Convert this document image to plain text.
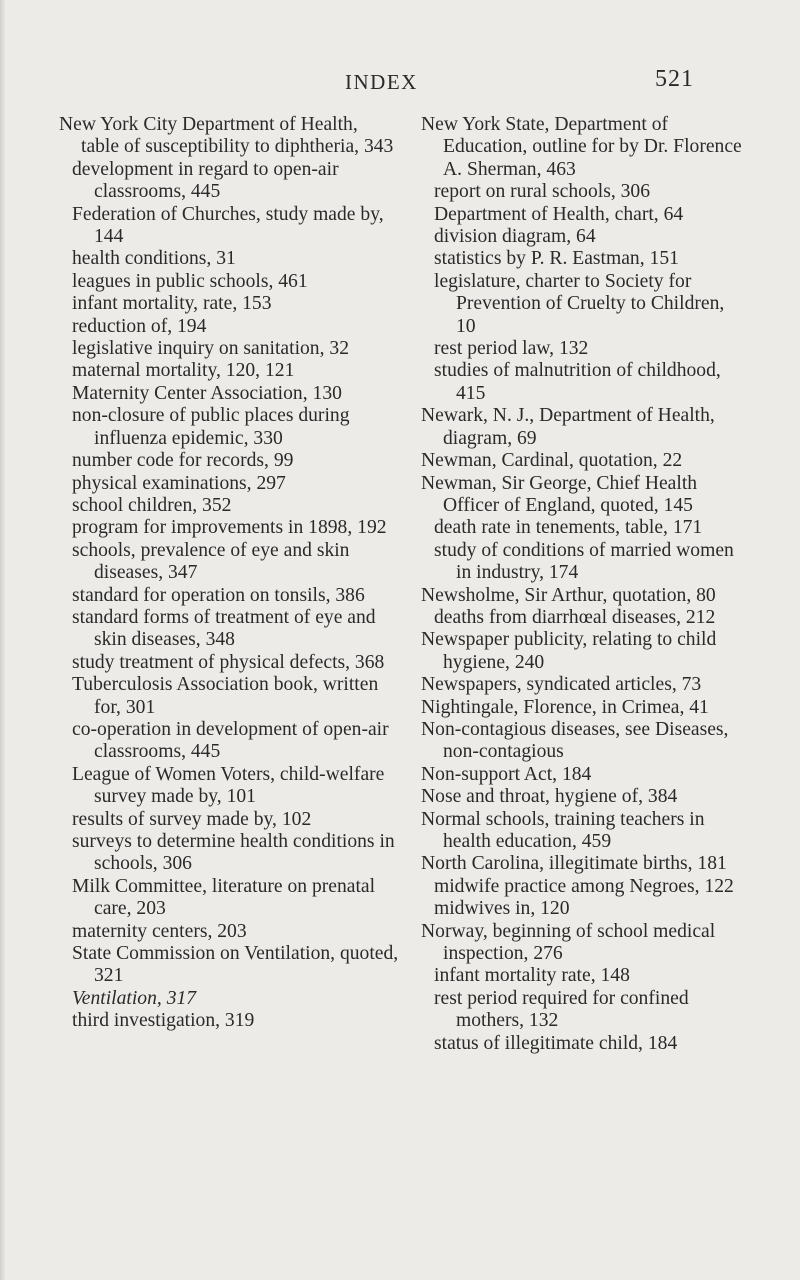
INDEX	521

New York City Department of Health, table of susceptibility to diphtheria, 343

development in regard to open-air classrooms, 445

Federation of Churches, study made by, 144

health conditions, 31

leagues in public schools, 461

infant mortality, rate, 153

reduction of, 194

legislative inquiry on sanitation, 32

maternal mortality, 120, 121

Maternity Center Association, 130

non-closure of public places during influenza epidemic, 330

number code for records, 99

physical examinations, 297

school children, 352

program for improvements in 1898, 192

schools, prevalence of eye and skin diseases, 347

standard for operation on tonsils, 386

standard forms of treatment of eye and skin diseases, 348

study treatment of physical defects, 368

Tuberculosis Association book, written for, 301

co-operation in development of open-air classrooms, 445

League of Women Voters, child-welfare survey made by, 101

results of survey made by, 102

surveys to determine health conditions in schools, 306

Milk Committee, literature on prenatal care, 203

maternity centers, 203

State Commission on Ventilation, quoted, 321

Ventilation, 317

third investigation, 319

New York State, Department of Education, outline for by Dr. Florence A. Sherman, 463

report on rural schools, 306

Department of Health, chart, 64

division diagram, 64

statistics by P. R. Eastman, 151

legislature, charter to Society for Prevention of Cruelty to Children, 10

rest period law, 132

studies of malnutrition of childhood, 415

Newark, N. J., Department of Health, diagram, 69

Newman, Cardinal, quotation, 22

Newman, Sir George, Chief Health Officer of England, quoted, 145

death rate in tenements, table, 171

study of conditions of married women in industry, 174

Newsholme, Sir Arthur, quotation, 80

deaths from diarrhœal diseases, 212

Newspaper publicity, relating to child hygiene, 240

Newspapers, syndicated articles, 73

Nightingale, Florence, in Crimea, 41

Non-contagious diseases, see Diseases, non-contagious

Non-support Act, 184

Nose and throat, hygiene of, 384

Normal schools, training teachers in health education, 459

North Carolina, illegitimate births, 181

midwife practice among Negroes, 122

midwives in, 120

Norway, beginning of school medical inspection, 276

infant mortality rate, 148

rest period required for confined mothers, 132

status of illegitimate child, 184
